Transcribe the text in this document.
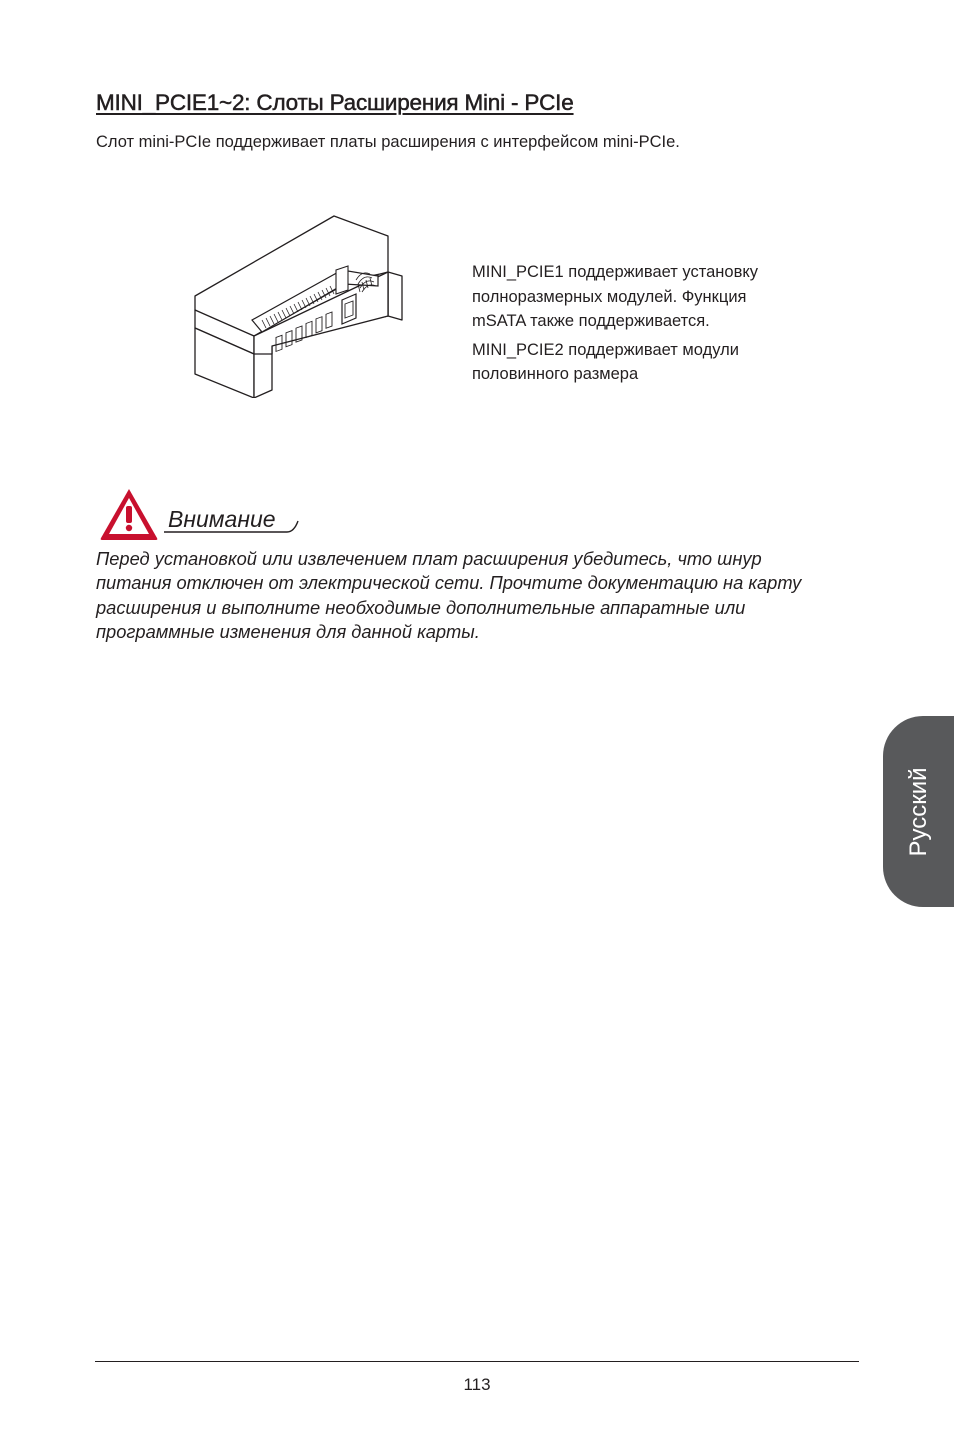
MINI_PCIE1~2: Слоты Расширения Mini - PCIe

Слот mini-PCIe поддерживает платы расширения с интерфейсом mini-PCIe.

MINI_PCIE1 поддерживает установку полноразмерных модулей. Функция mSATA также поддерживается.

MINI_PCIE2 поддерживает модули половинного размера

Внимание

Перед установкой или извлечением плат расширения убедитесь, что шнур питания отключен от электрической сети. Прочтите документацию на карту расширения и выполните необходимые дополнительные аппаратные или программные изменения для данной карты.

Русский
113
